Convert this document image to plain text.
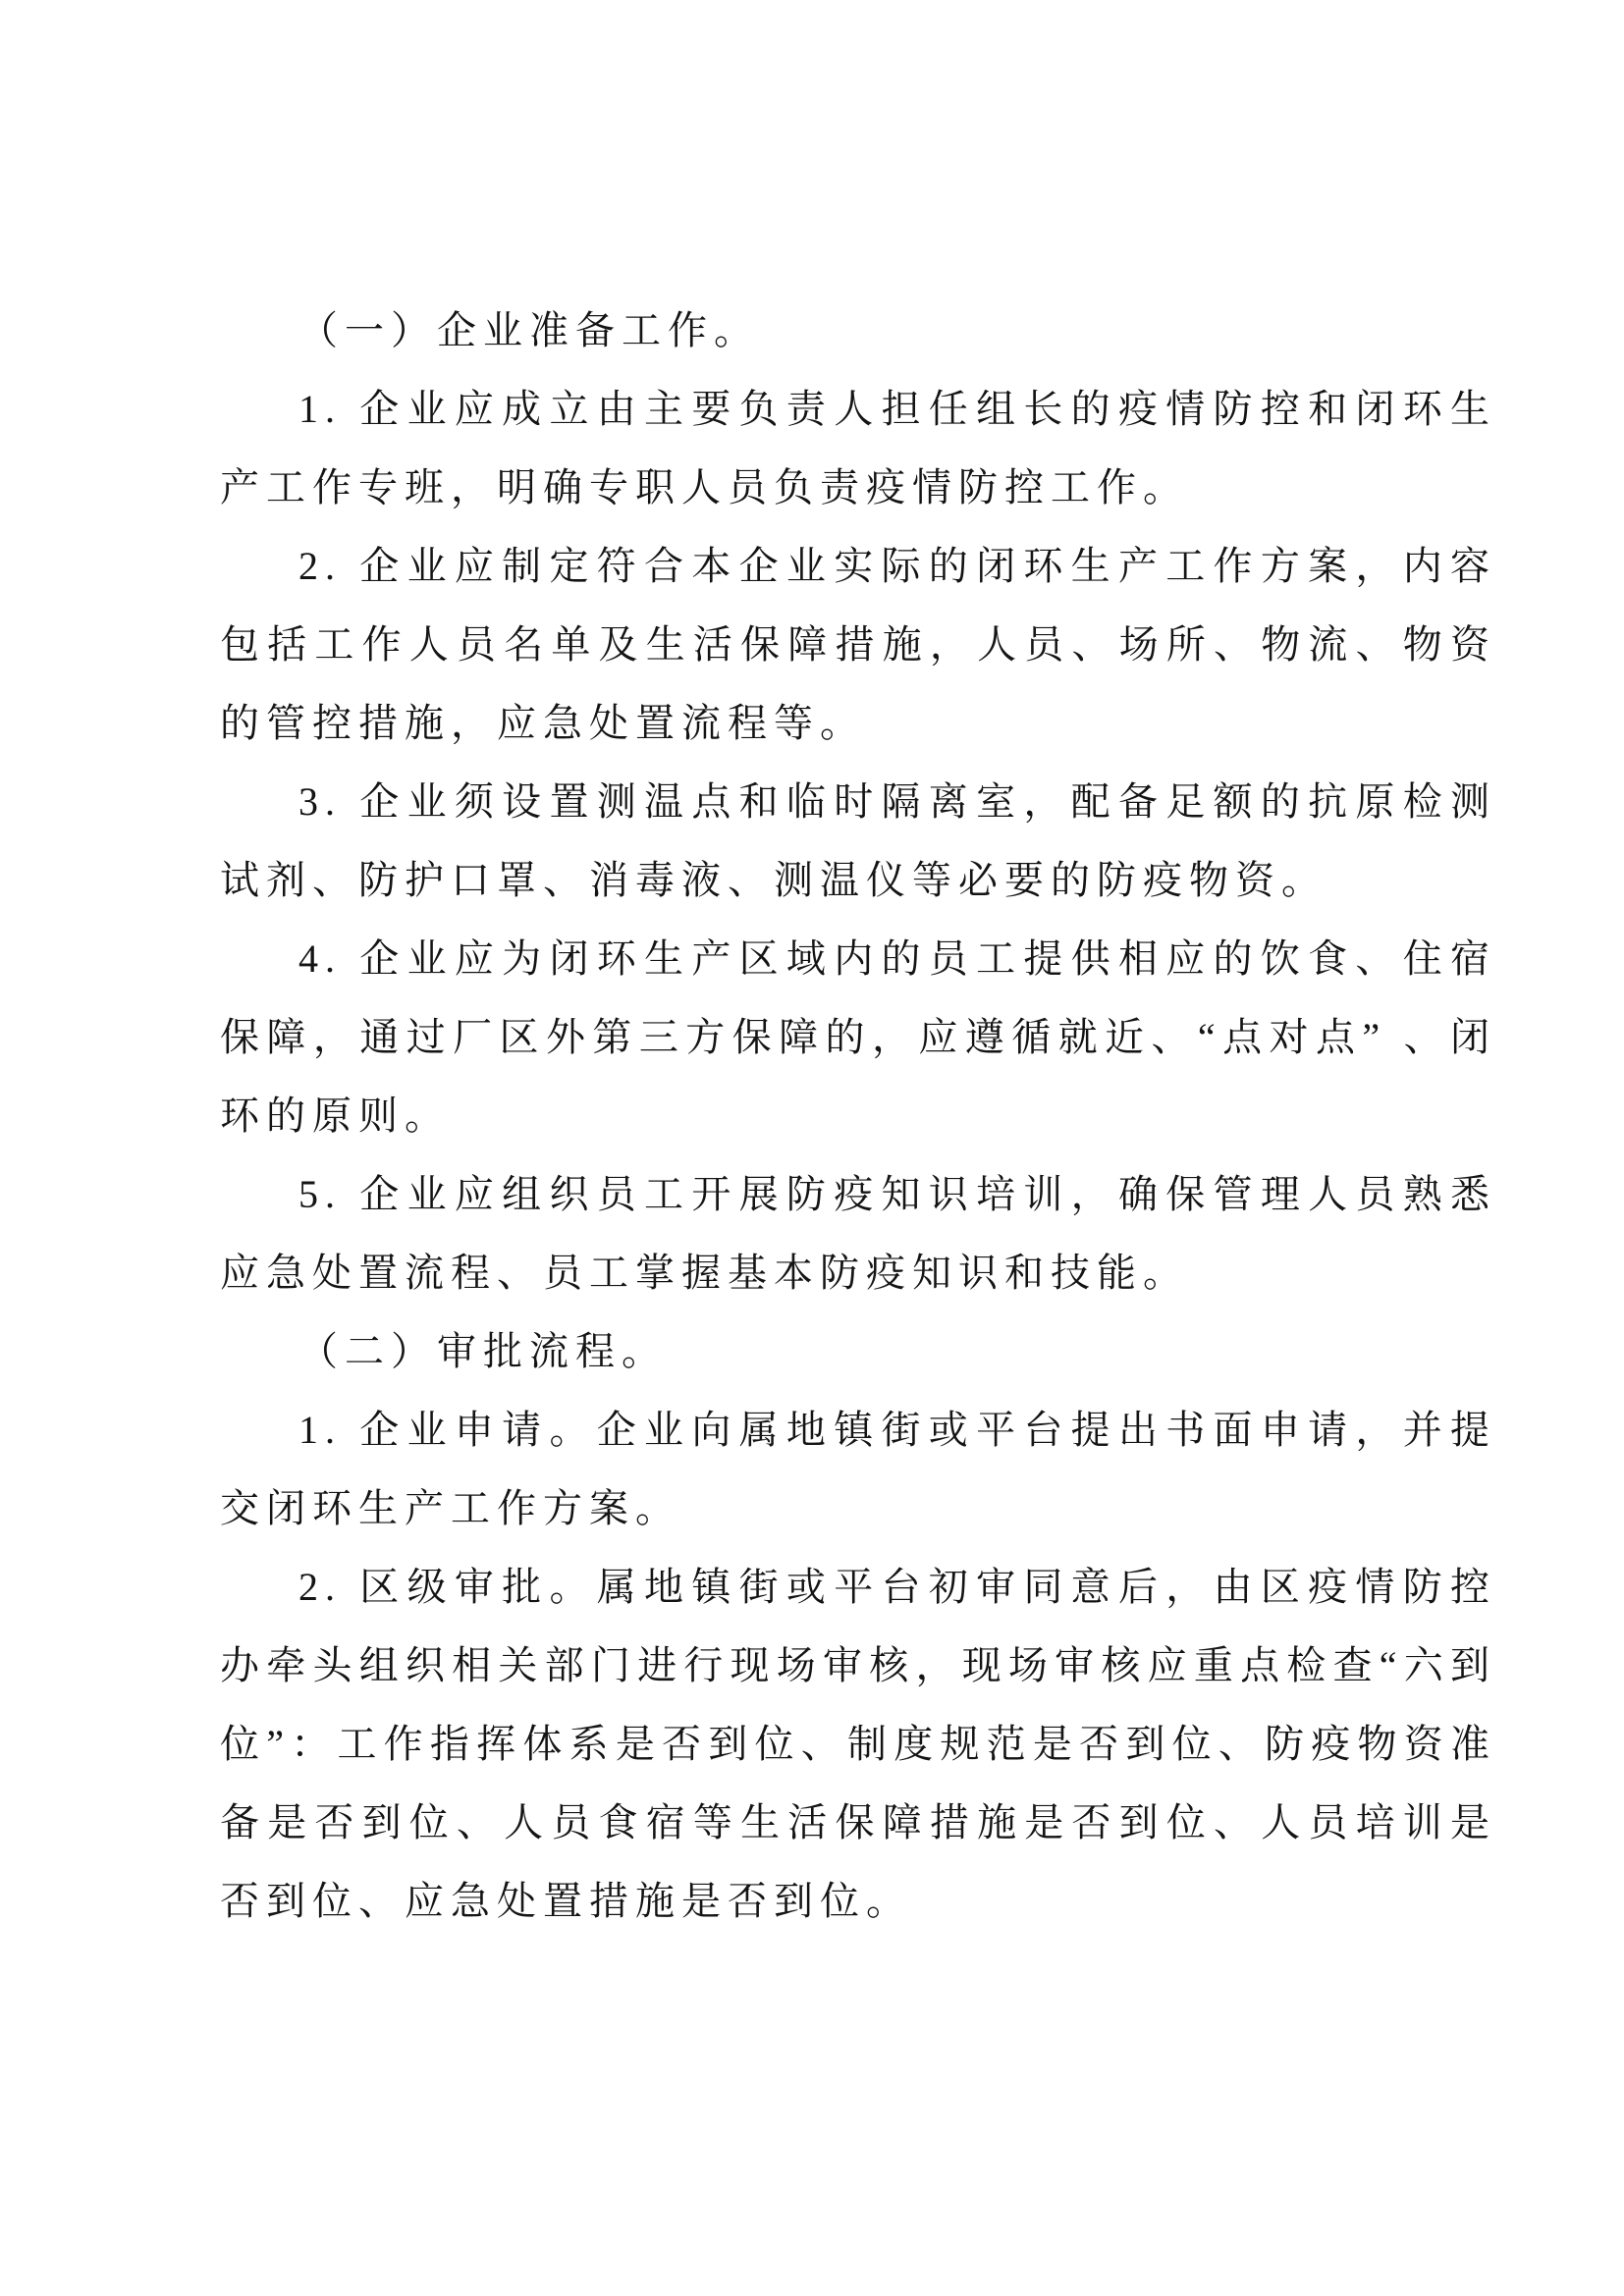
（一）企业准备工作。

1. 企业应成立由主要负责人担任组长的疫情防控和闭环生产工作专班，明确专职人员负责疫情防控工作。

2. 企业应制定符合本企业实际的闭环生产工作方案，内容包括工作人员名单及生活保障措施，人员、场所、物流、物资的管控措施，应急处置流程等。

3. 企业须设置测温点和临时隔离室，配备足额的抗原检测试剂、防护口罩、消毒液、测温仪等必要的防疫物资。

4. 企业应为闭环生产区域内的员工提供相应的饮食、住宿保障，通过厂区外第三方保障的，应遵循就近、“点对点” 、闭环的原则。

5. 企业应组织员工开展防疫知识培训，确保管理人员熟悉应急处置流程、员工掌握基本防疫知识和技能。

（二）审批流程。

1. 企业申请。企业向属地镇街或平台提出书面申请，并提交闭环生产工作方案。

2. 区级审批。属地镇街或平台初审同意后，由区疫情防控办牵头组织相关部门进行现场审核，现场审核应重点检查“六到位”：工作指挥体系是否到位、制度规范是否到位、防疫物资准备是否到位、人员食宿等生活保障措施是否到位、人员培训是否到位、应急处置措施是否到位。
